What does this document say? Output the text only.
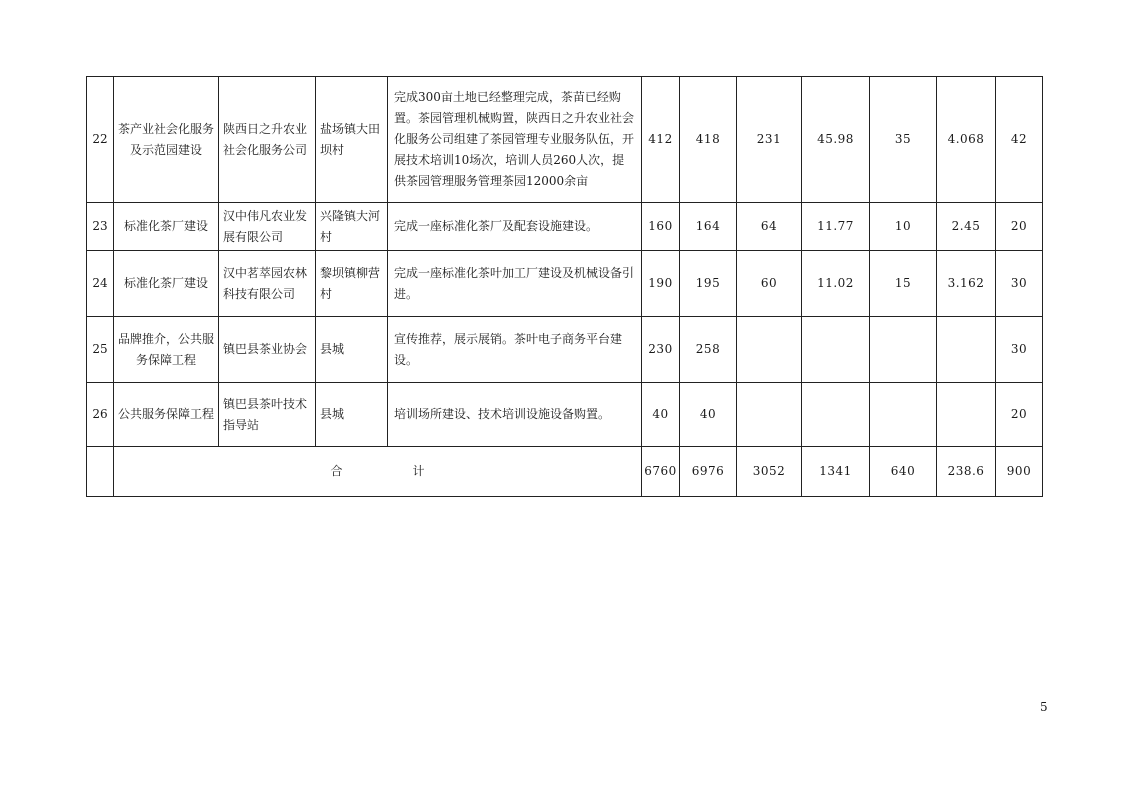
22	茶产业社会化服务及示范园建设	陕西日之升农业社会化服务公司	盐场镇大田坝村	完成300亩土地已经整理完成，茶苗已经购置。茶园管理机械购置，陕西日之升农业社会化服务公司组建了茶园管理专业服务队伍，开展技术培训10场次，培训人员260人次，提供茶园管理服务管理茶园12000余亩	412	418	231	45.98	35	4.068	42
23	标准化茶厂建设	汉中伟凡农业发展有限公司	兴隆镇大河村	完成一座标准化茶厂及配套设施建设。	160	164	64	11.77	10	2.45	20
24	标准化茶厂建设	汉中茗萃园农林科技有限公司	黎坝镇柳营村	完成一座标准化茶叶加工厂建设及机械设备引进。	190	195	60	11.02	15	3.162	30
25	品牌推介，公共服务保障工程	镇巴县茶业协会	县城	宣传推荐，展示展销。茶叶电子商务平台建设。	230	258					30
26	公共服务保障工程	镇巴县茶叶技术指导站	县城	培训场所建设、技术培训设施设备购置。	40	40					20
	合 计				6760	6976	3052	1341	640	238.6	900
5
